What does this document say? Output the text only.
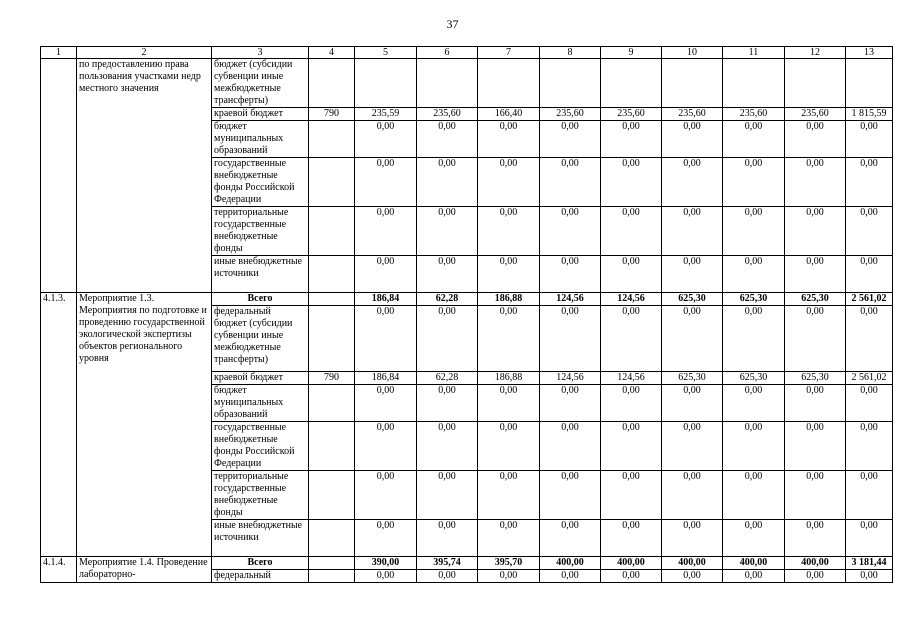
37
1	2	3	4	5	6	7	8	9	10	11	12	13
	по предоставлению права пользования участками недр местного значения	бюджет (субсидии субвенции иные межбюджетные трансферты)										
		краевой бюджет	790	235,59	235,60	166,40	235,60	235,60	235,60	235,60	235,60	1 815,59
		бюджет муниципальных образований		0,00	0,00	0,00	0,00	0,00	0,00	0,00	0,00	0,00
		государственные внебюджетные фонды Российской Федерации		0,00	0,00	0,00	0,00	0,00	0,00	0,00	0,00	0,00
		территориальные государственные внебюджетные фонды		0,00	0,00	0,00	0,00	0,00	0,00	0,00	0,00	0,00
		иные внебюджетные источники		0,00	0,00	0,00	0,00	0,00	0,00	0,00	0,00	0,00
4.1.3.	Мероприятие 1.3. Мероприятия по подготовке и проведению государственной экологической экспертизы объектов регионального уровня	Всего		186,84	62,28	186,88	124,56	124,56	625,30	625,30	625,30	2 561,02
		федеральный бюджет (субсидии субвенции иные межбюджетные трансферты)		0,00	0,00	0,00	0,00	0,00	0,00	0,00	0,00	0,00
		краевой бюджет	790	186,84	62,28	186,88	124,56	124,56	625,30	625,30	625,30	2 561,02
		бюджет муниципальных образований		0,00	0,00	0,00	0,00	0,00	0,00	0,00	0,00	0,00
		государственные внебюджетные фонды Российской Федерации		0,00	0,00	0,00	0,00	0,00	0,00	0,00	0,00	0,00
		территориальные государственные внебюджетные фонды		0,00	0,00	0,00	0,00	0,00	0,00	0,00	0,00	0,00
		иные внебюджетные источники		0,00	0,00	0,00	0,00	0,00	0,00	0,00	0,00	0,00
4.1.4.	Мероприятие 1.4. Проведение лабораторно-	Всего		390,00	395,74	395,70	400,00	400,00	400,00	400,00	400,00	3 181,44
		федеральный		0,00	0,00	0,00	0,00	0,00	0,00	0,00	0,00	0,00
